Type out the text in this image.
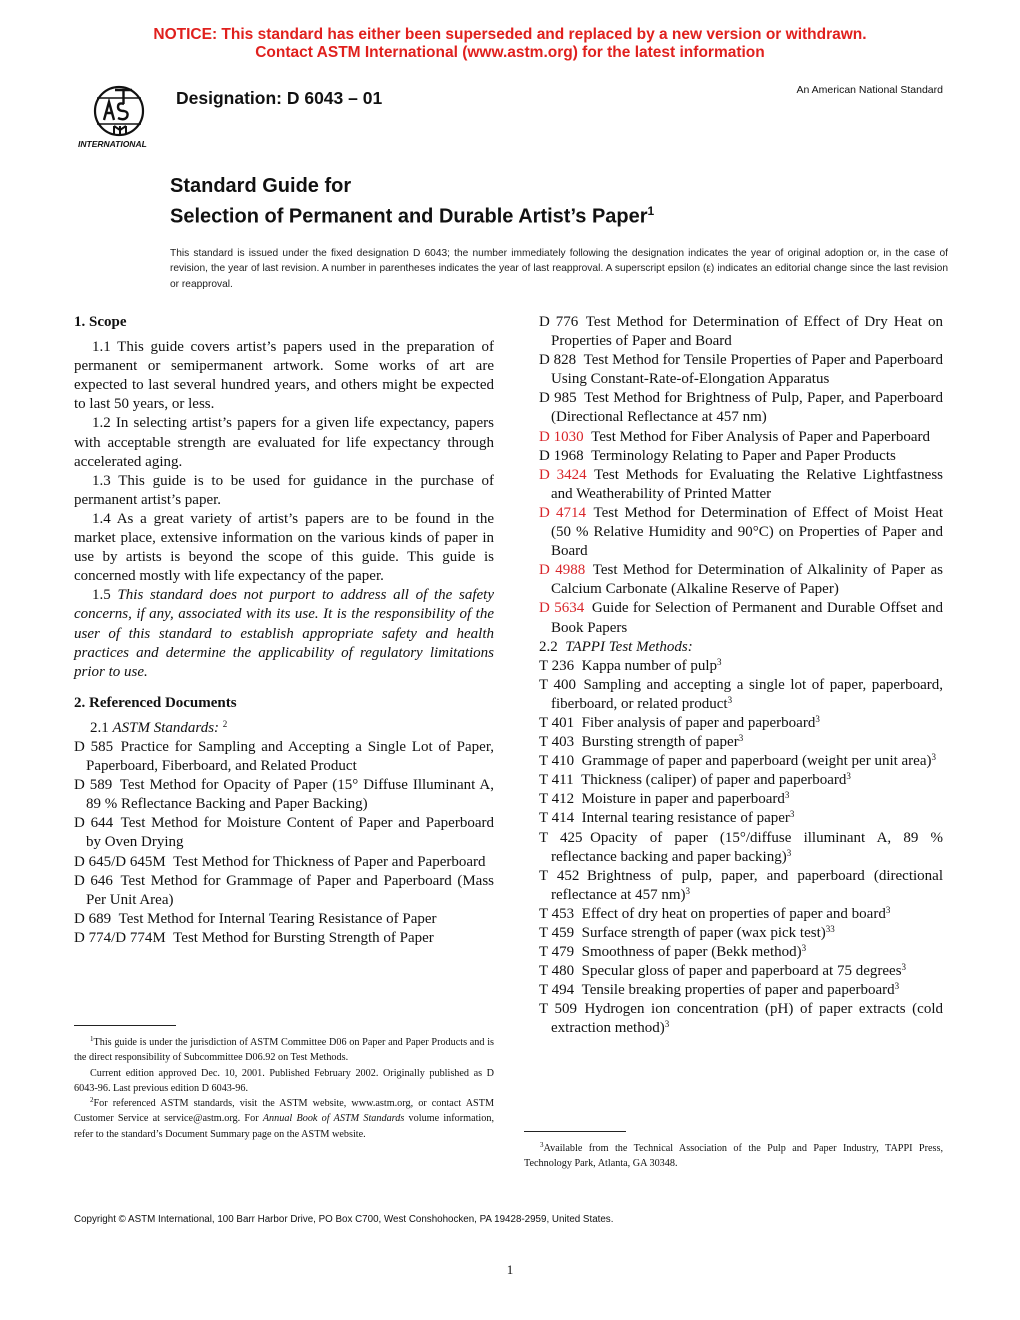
NOTICE: This standard has either been superseded and replaced by a new version or withdrawn.
Contact ASTM International (www.astm.org) for the latest information
INTERNATIONAL
Designation: D 6043 – 01	An American National Standard
Standard Guide for
Selection of Permanent and Durable Artist’s Paper$^1$
This standard is issued under the fixed designation D 6043; the number immediately following the designation indicates the year of original adoption or, in the case of revision, the year of last revision. A number in parentheses indicates the year of last reapproval. A superscript epsilon (ε) indicates an editorial change since the last revision or reapproval.
1. Scope

1.1 This guide covers artist’s papers used in the preparation of permanent or semipermanent artwork. Some works of art are expected to last several hundred years, and others might be expected to last 50 years, or less.

1.2 In selecting artist’s papers for a given life expectancy, papers with acceptable strength are evaluated for life expectancy through accelerated aging.

1.3 This guide is to be used for guidance in the purchase of permanent artist’s paper.

1.4 As a great variety of artist’s papers are to be found in the market place, extensive information on the various kinds of paper in use by artists is beyond the scope of this guide. This guide is concerned mostly with life expectancy of the paper.

1.5 This standard does not purport to address all of the safety concerns, if any, associated with its use. It is the responsibility of the user of this standard to establish appropriate safety and health practices and determine the applicability of regulatory limitations prior to use.

2. Referenced Documents

2.1 ASTM Standards: $^2$

D 585  Practice for Sampling and Accepting a Single Lot of Paper, Paperboard, Fiberboard, and Related Product

D 589  Test Method for Opacity of Paper (15° Diffuse Illuminant A, 89 % Reflectance Backing and Paper Backing)

D 644  Test Method for Moisture Content of Paper and Paperboard by Oven Drying

D 645/D 645M  Test Method for Thickness of Paper and Paperboard

D 646  Test Method for Grammage of Paper and Paperboard (Mass Per Unit Area)

D 689  Test Method for Internal Tearing Resistance of Paper

D 774/D 774M  Test Method for Bursting Strength of Paper

$^1$This guide is under the jurisdiction of ASTM Committee D06 on Paper and Paper Products and is the direct responsibility of Subcommittee D06.92 on Test Methods.

Current edition approved Dec. 10, 2001. Published February 2002. Originally published as D 6043-96. Last previous edition D 6043-96.

$^2$For referenced ASTM standards, visit the ASTM website, www.astm.org, or contact ASTM Customer Service at service@astm.org. For Annual Book of ASTM Standards volume information, refer to the standard’s Document Summary page on the ASTM website.

D 776  Test Method for Determination of Effect of Dry Heat on Properties of Paper and Board

D 828  Test Method for Tensile Properties of Paper and Paperboard Using Constant-Rate-of-Elongation Apparatus

D 985  Test Method for Brightness of Pulp, Paper, and Paperboard (Directional Reflectance at 457 nm)

D 1030  Test Method for Fiber Analysis of Paper and Paperboard

D 1968  Terminology Relating to Paper and Paper Products

D 3424  Test Methods for Evaluating the Relative Lightfastness and Weatherability of Printed Matter

D 4714  Test Method for Determination of Effect of Moist Heat (50 % Relative Humidity and 90°C) on Properties of Paper and Board

D 4988  Test Method for Determination of Alkalinity of Paper as Calcium Carbonate (Alkaline Reserve of Paper)

D 5634  Guide for Selection of Permanent and Durable Offset and Book Papers

2.2 TAPPI Test Methods:

T 236  Kappa number of pulp$^3$

T 400  Sampling and accepting a single lot of paper, paperboard, fiberboard, or related product$^3$

T 401  Fiber analysis of paper and paperboard$^3$

T 403  Bursting strength of paper$^3$

T 410  Grammage of paper and paperboard (weight per unit area)$^3$

T 411  Thickness (caliper) of paper and paperboard$^3$

T 412  Moisture in paper and paperboard$^3$

T 414  Internal tearing resistance of paper$^3$

T 425  Opacity of paper (15°/diffuse illuminant A, 89 % reflectance backing and paper backing)$^3$

T 452  Brightness of pulp, paper, and paperboard (directional reflectance at 457 nm)$^3$

T 453  Effect of dry heat on properties of paper and board$^3$

T 459  Surface strength of paper (wax pick test)$^{33}$

T 479  Smoothness of paper (Bekk method)$^3$

T 480  Specular gloss of paper and paperboard at 75 degrees$^3$

T 494  Tensile breaking properties of paper and paperboard$^3$

T 509  Hydrogen ion concentration (pH) of paper extracts (cold extraction method)$^3$

$^3$Available from the Technical Association of the Pulp and Paper Industry, TAPPI Press, Technology Park, Atlanta, GA 30348.

Copyright © ASTM International, 100 Barr Harbor Drive, PO Box C700, West Conshohocken, PA 19428-2959, United States.
1
